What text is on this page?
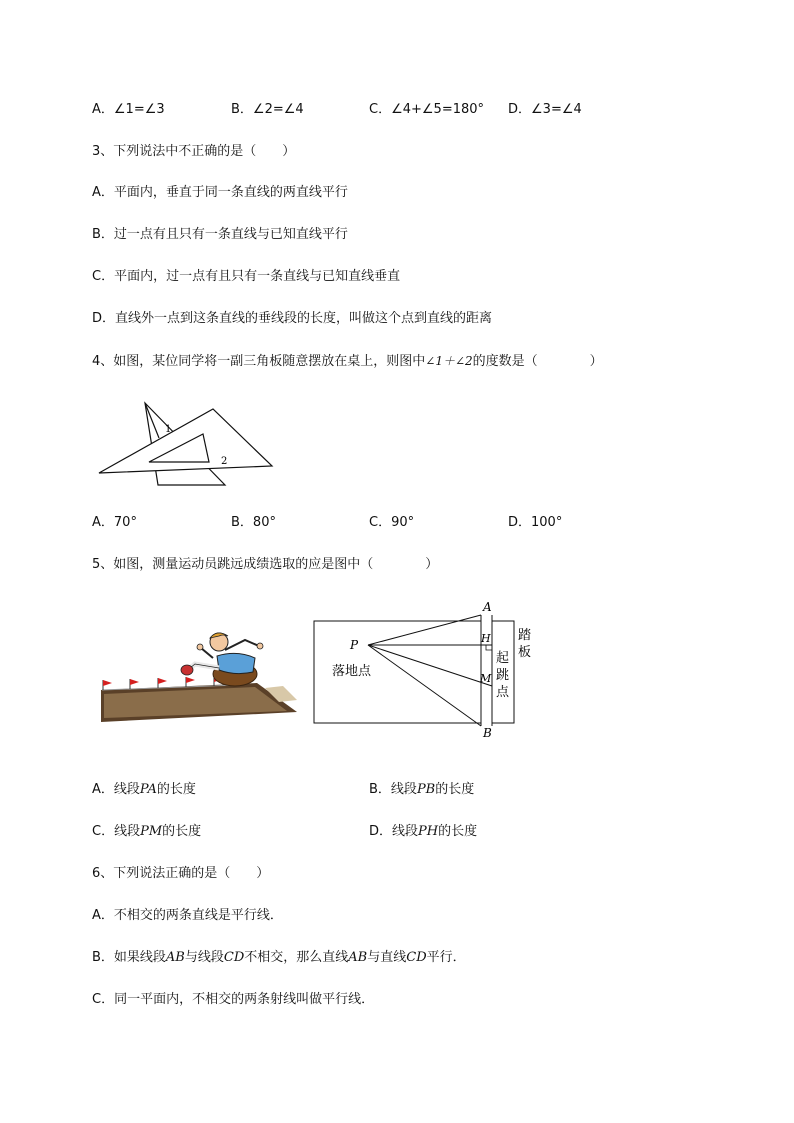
A．∠1=∠3	B．∠2=∠4	C．∠4+∠5=180° D．∠3=∠4
3、下列说法中不正确的是（　　）
A．平面内，垂直于同一条直线的两直线平行
B．过一点有且只有一条直线与已知直线平行
C．平面内，过一点有且只有一条直线与已知直线垂直
D．直线外一点到这条直线的垂线段的长度，叫做这个点到直线的距离
4、如图，某位同学将一副三角板随意摆放在桌上，则图中∠1＋∠2的度数是（　　　　）
1
2
A．70°	B．80°	C．90°	D．100°
5、如图，测量运动员跳远成绩选取的应是图中（　　　　）
A
B
P	H
M
落地点
踏
板
起
跳
点
A．线段PA的长度	B．线段PB的长度
C．线段PM的长度	D．线段PH的长度
6、下列说法正确的是（　　）
A．不相交的两条直线是平行线．
B．如果线段AB与线段CD不相交，那么直线AB与直线CD平行．
C．同一平面内，不相交的两条射线叫做平行线．
